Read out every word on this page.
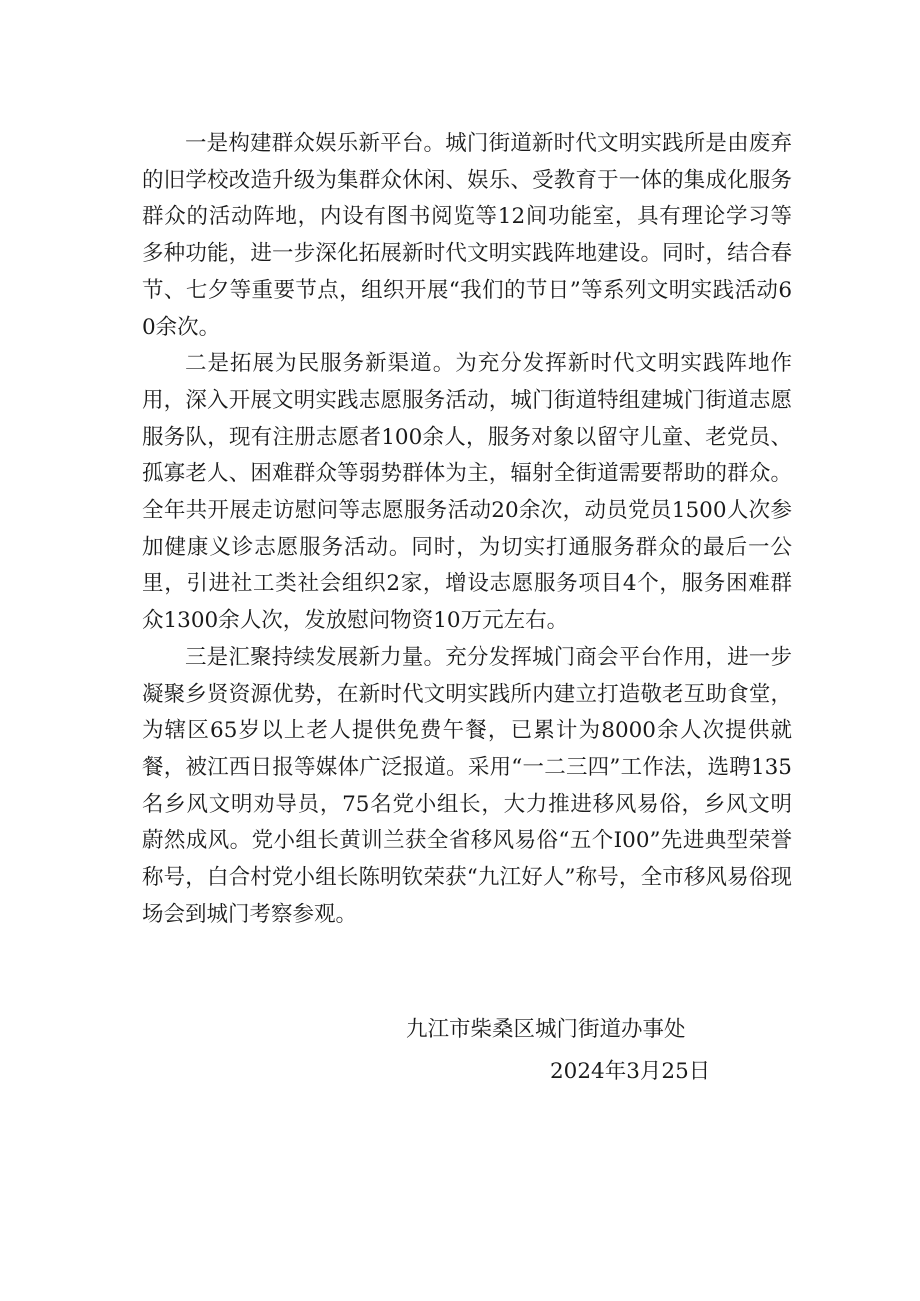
一是构建群众娱乐新平台。城门街道新时代文明实践所是由废弃的旧学校改造升级为集群众休闲、娱乐、受教育于一体的集成化服务群众的活动阵地，内设有图书阅览等12间功能室，具有理论学习等多种功能，进一步深化拓展新时代文明实践阵地建设。同时，结合春节、七夕等重要节点，组织开展“我们的节日”等系列文明实践活动60余次。

二是拓展为民服务新渠道。为充分发挥新时代文明实践阵地作用，深入开展文明实践志愿服务活动，城门街道特组建城门街道志愿服务队，现有注册志愿者100余人，服务对象以留守儿童、老党员、孤寡老人、困难群众等弱势群体为主，辐射全街道需要帮助的群众。全年共开展走访慰问等志愿服务活动20余次，动员党员1500人次参加健康义诊志愿服务活动。同时，为切实打通服务群众的最后一公里，引进社工类社会组织2家，增设志愿服务项目4个，服务困难群众1300余人次，发放慰问物资10万元左右。

三是汇聚持续发展新力量。充分发挥城门商会平台作用，进一步凝聚乡贤资源优势，在新时代文明实践所内建立打造敬老互助食堂，为辖区65岁以上老人提供免费午餐，已累计为8000余人次提供就餐，被江西日报等媒体广泛报道。采用“一二三四”工作法，选聘135名乡风文明劝导员，75名党小组长，大力推进移风易俗，乡风文明蔚然成风。党小组长黄训兰获全省移风易俗“五个I00”先进典型荣誉称号，白合村党小组长陈明钦荣获“九江好人”称号，全市移风易俗现场会到城门考察参观。

九江市柴桑区城门街道办事处
2024年3月25日
